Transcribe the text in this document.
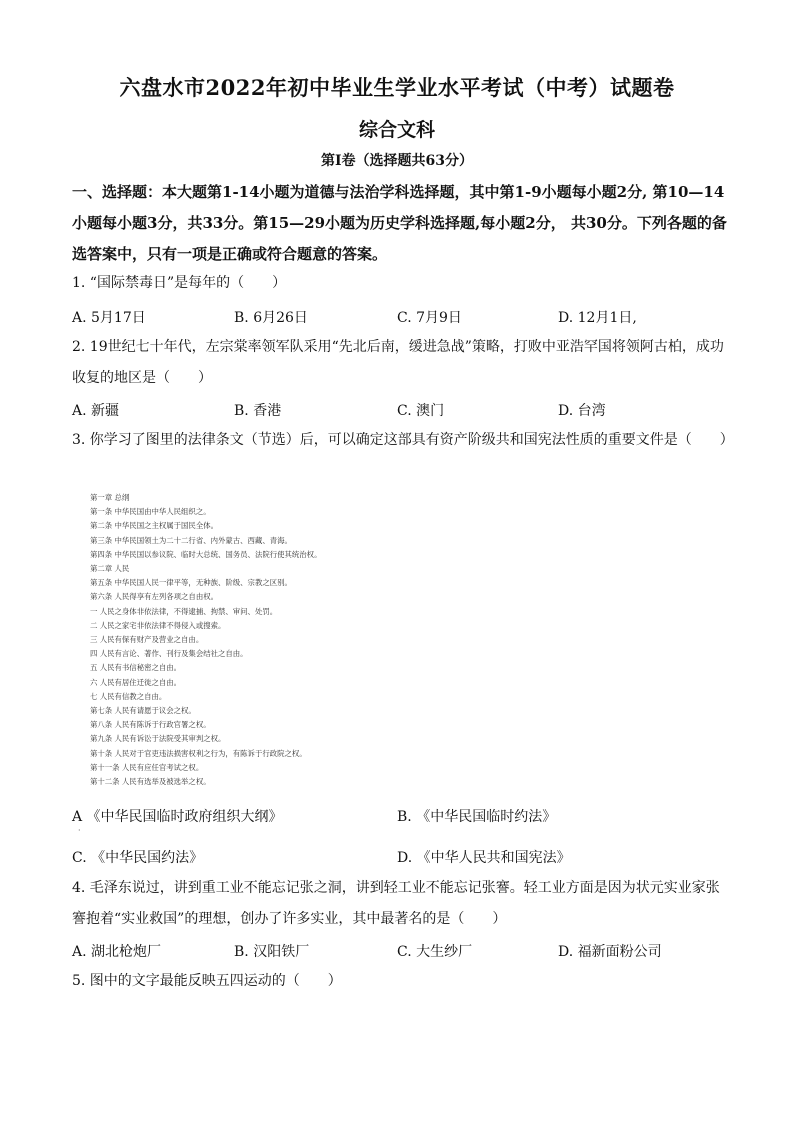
六盘水市2022年初中毕业生学业水平考试（中考）试题卷
综合文科
第Ⅰ卷（选择题共63分）
一、选择题：本大题第1-14小题为道德与法治学科选择题，其中第1-9小题每小题2分, 第10—14小题每小题3分，共33分。第15—29小题为历史学科选择题,每小题2分， 共30分。下列各题的备选答案中，只有一项是正确或符合题意的答案。
1. “国际禁毒日”是每年的（　　）
A. 5月17日	B. 6月26日	C. 7月9日	D. 12月1日,
2. 19世纪七十年代，左宗棠率领军队采用“先北后南，缓进急战”策略，打败中亚浩罕国将领阿古柏，成功收复的地区是（　　）
A. 新疆	B. 香港	C. 澳门	D. 台湾
3. 你学习了图里的法律条文（节选）后，可以确定这部具有资产阶级共和国宪法性质的重要文件是（　　）
第一章 总纲
第一条 中华民国由中华人民组织之。
第二条 中华民国之主权属于国民全体。
第三条 中华民国领土为二十二行省、内外蒙古、西藏、青海。
第四条 中华民国以参议院、临时大总统、国务员、法院行使其统治权。
第二章 人民
第五条 中华民国人民一律平等，无种族、阶级、宗教之区别。
第六条 人民得享有左列各项之自由权。
一 人民之身体非依法律，不得逮捕、拘禁、审问、处罚。
二 人民之家宅非依法律不得侵入或搜索。
三 人民有保有财产及营业之自由。
四 人民有言论、著作、刊行及集会结社之自由。
五 人民有书信秘密之自由。
六 人民有居住迁徙之自由。
七 人民有信教之自由。
第七条 人民有请愿于议会之权。
第八条 人民有陈诉于行政官署之权。
第九条 人民有诉讼于法院受其审判之权。
第十条 人民对于官吏违法损害权利之行为，有陈诉于行政院之权。
第十一条 人民有应任官考试之权。
第十二条 人民有选举及被选举之权。
A 《中华民国临时政府组织大纲》
·
B. 《中华民国临时约法》
C. 《中华民国约法》	D. 《中华人民共和国宪法》
4. 毛泽东说过，讲到重工业不能忘记张之洞，讲到轻工业不能忘记张謇。轻工业方面是因为状元实业家张謇抱着“实业救国”的理想，创办了许多实业，其中最著名的是（　　）
A. 湖北枪炮厂	B. 汉阳铁厂	C. 大生纱厂	D. 福新面粉公司
5. 图中的文字最能反映五四运动的（　　）
